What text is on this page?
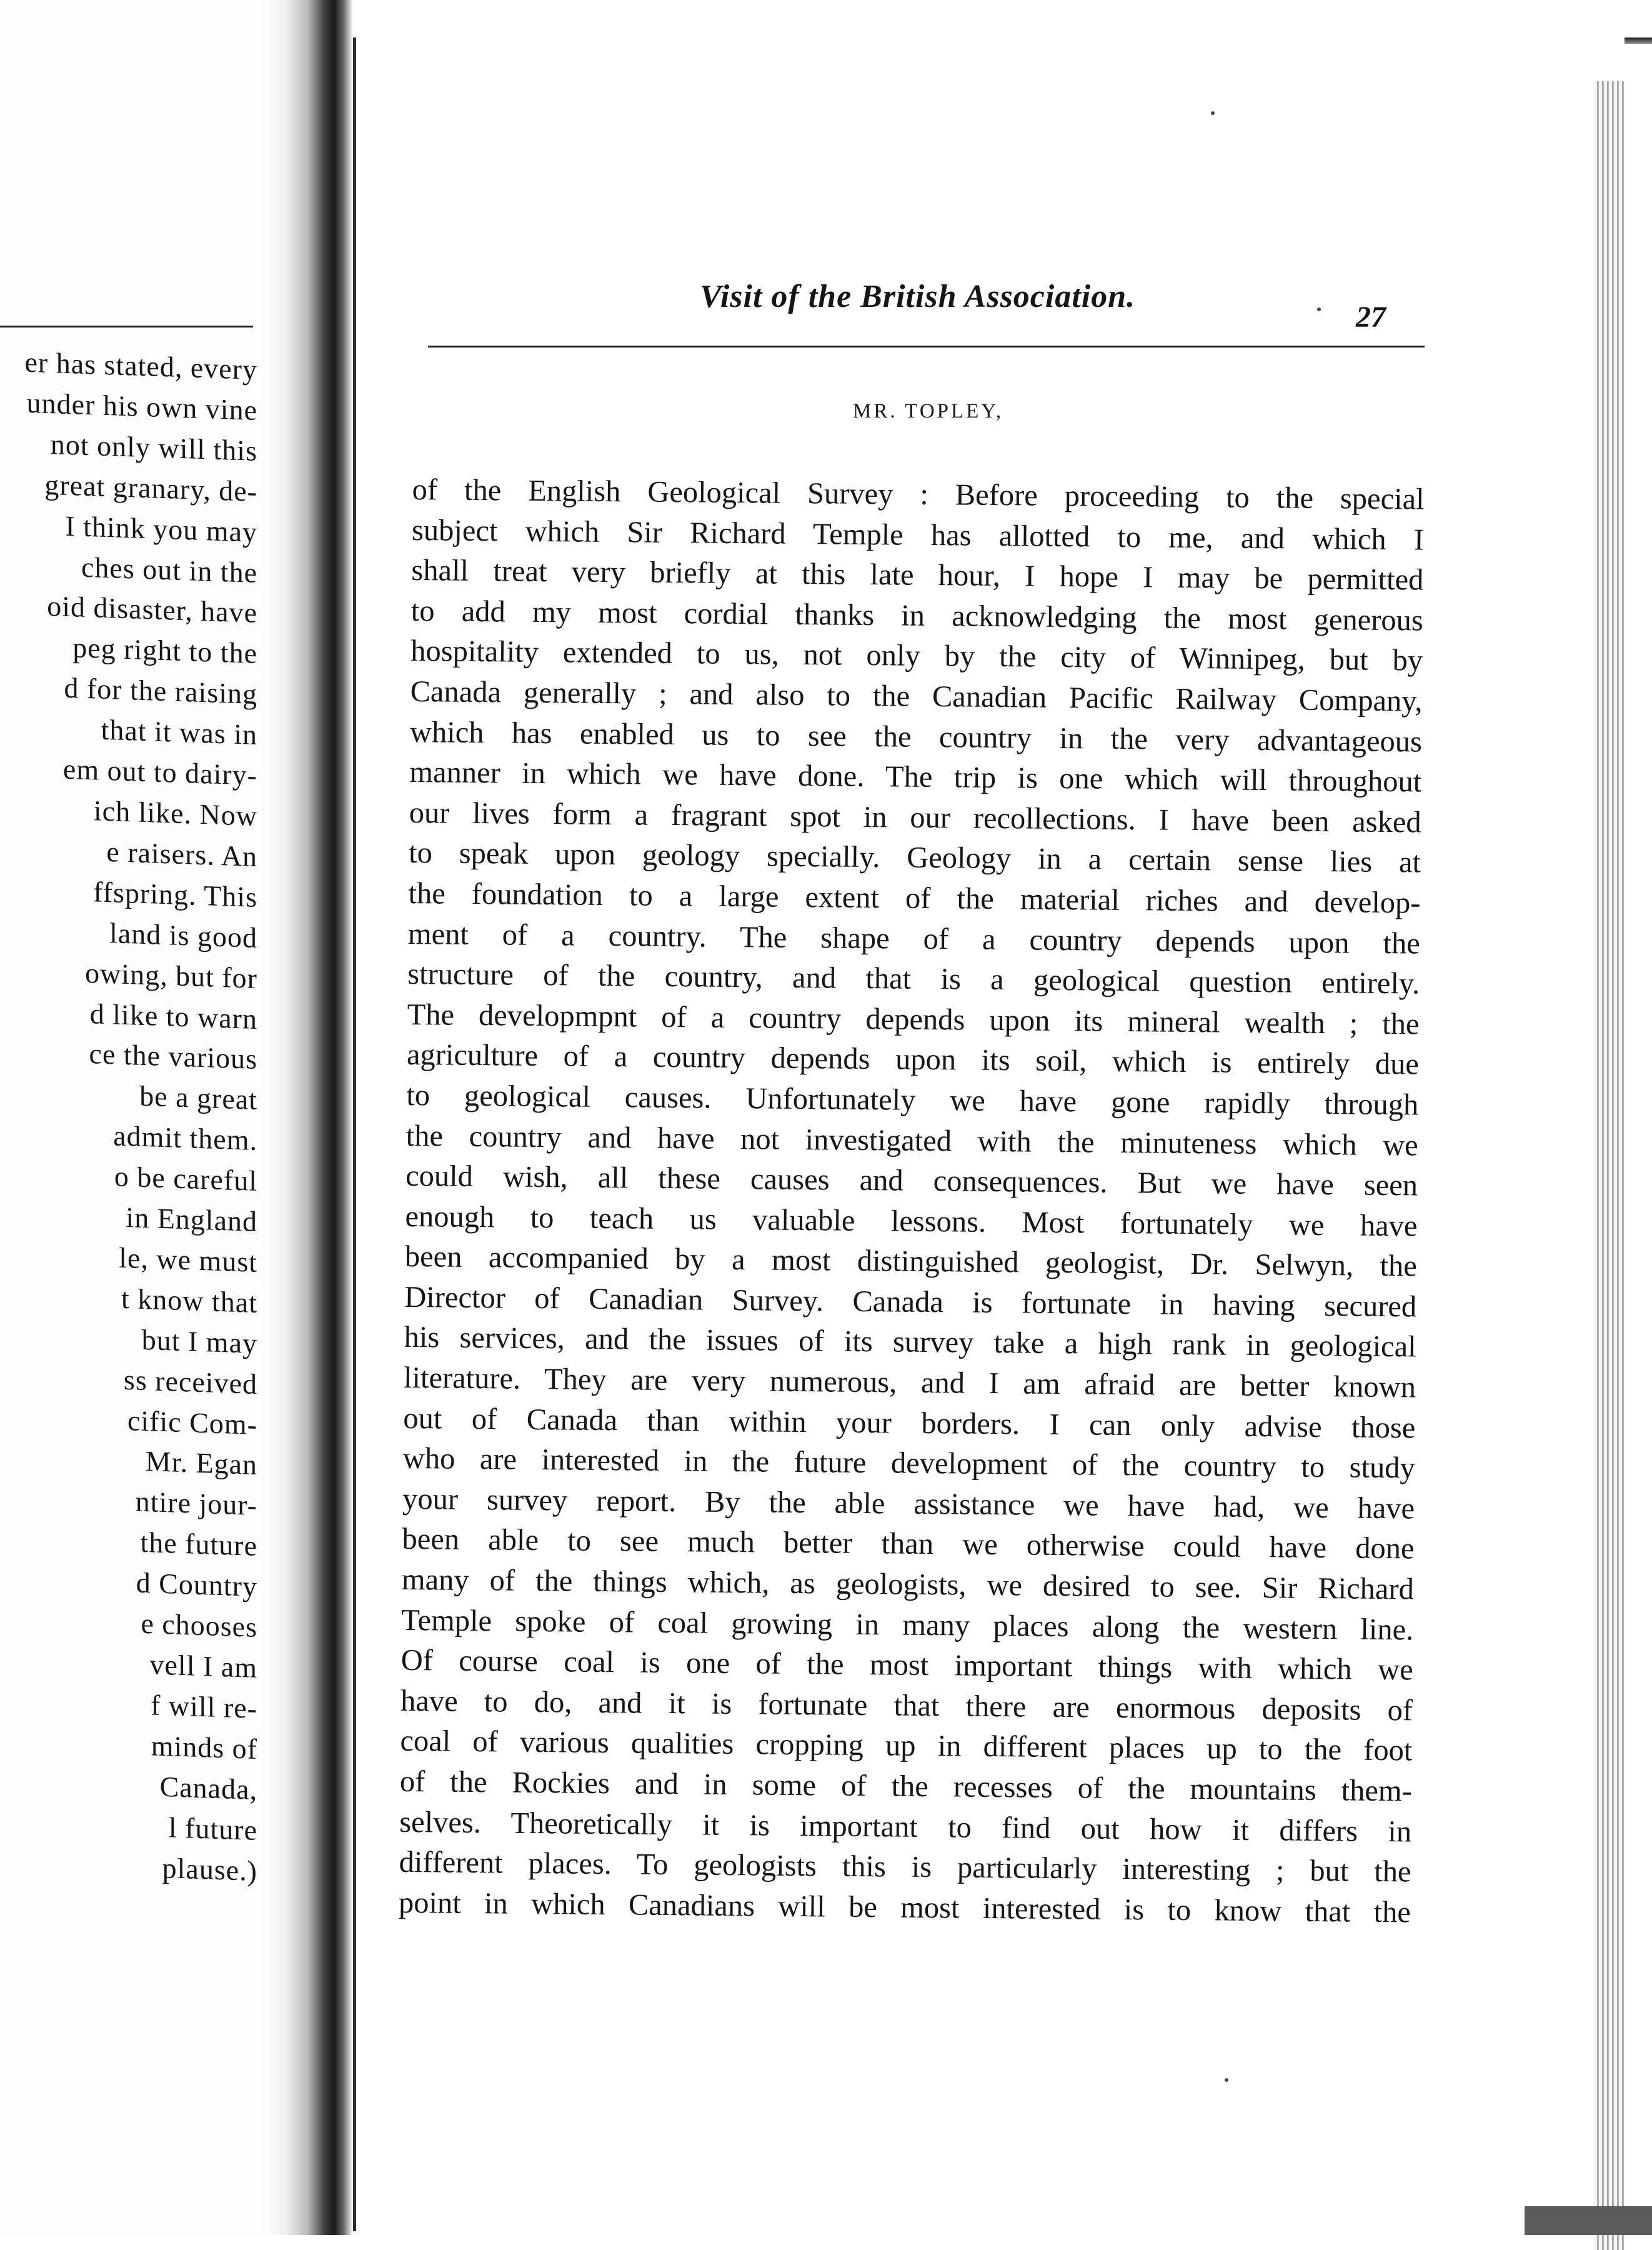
er has stated, every
under his own vine
not only will this
great granary, de-
I think you may
ches out in the
oid disaster, have
peg right to the
d for the raising
that it was in
em out to dairy-
ich like. Now
e raisers. An
ffspring. This
land is good
owing, but for
d like to warn
ce the various
be a great
admit them.
o be careful
in England
le, we must
t know that
but I may
ss received
cific Com-
Mr. Egan
ntire jour-
the future
d Country
e chooses
vell I am
f will re-
minds of
Canada,
l future
plause.)
Visit of the British Association.
27
MR. TOPLEY,
of the English Geological Survey : Before proceeding to the special
subject which Sir Richard Temple has allotted to me, and which I
shall treat very briefly at this late hour, I hope I may be permitted
to add my most cordial thanks in acknowledging the most generous
hospitality extended to us, not only by the city of Winnipeg, but by
Canada generally ; and also to the Canadian Pacific Railway Company,
which has enabled us to see the country in the very advantageous
manner in which we have done. The trip is one which will throughout
our lives form a fragrant spot in our recollections. I have been asked
to speak upon geology specially. Geology in a certain sense lies at
the foundation to a large extent of the material riches and develop-
ment of a country. The shape of a country depends upon the
structure of the country, and that is a geological question entirely.
The developmpnt of a country depends upon its mineral wealth ; the
agriculture of a country depends upon its soil, which is entirely due
to geological causes. Unfortunately we have gone rapidly through
the country and have not investigated with the minuteness which we
could wish, all these causes and consequences. But we have seen
enough to teach us valuable lessons. Most fortunately we have
been accompanied by a most distinguished geologist, Dr. Selwyn, the
Director of Canadian Survey. Canada is fortunate in having secured
his services, and the issues of its survey take a high rank in geological
literature. They are very numerous, and I am afraid are better known
out of Canada than within your borders. I can only advise those
who are interested in the future development of the country to study
your survey report. By the able assistance we have had, we have
been able to see much better than we otherwise could have done
many of the things which, as geologists, we desired to see. Sir Richard
Temple spoke of coal growing in many places along the western line.
Of course coal is one of the most important things with which we
have to do, and it is fortunate that there are enormous deposits of
coal of various qualities cropping up in different places up to the foot
of the Rockies and in some of the recesses of the mountains them-
selves. Theoretically it is important to find out how it differs in
different places. To geologists this is particularly interesting ; but the
point in which Canadians will be most interested is to know that the
